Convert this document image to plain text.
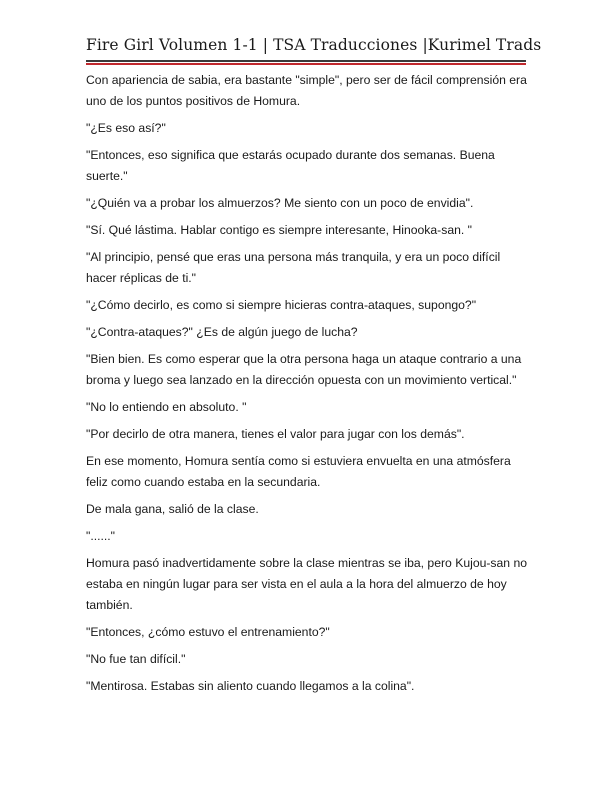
Fire Girl Volumen 1-1 | TSA Traducciones |Kurimel Trads

Con apariencia de sabia, era bastante "simple", pero ser de fácil comprensión era uno de los puntos positivos de Homura.

"¿Es eso así?"

"Entonces, eso significa que estarás ocupado durante dos semanas. Buena suerte."

"¿Quién va a probar los almuerzos? Me siento con un poco de envidia".

"Sí. Qué lástima. Hablar contigo es siempre interesante, Hinooka-san. "

"Al principio, pensé que eras una persona más tranquila, y era un poco difícil hacer réplicas de ti."

"¿Cómo decirlo, es como si siempre hicieras contra-ataques, supongo?"

"¿Contra-ataques?" ¿Es de algún juego de lucha?

"Bien bien. Es como esperar que la otra persona haga un ataque contrario a una broma y luego sea lanzado en la dirección opuesta con un movimiento vertical."

"No lo entiendo en absoluto. "

"Por decirlo de otra manera, tienes el valor para jugar con los demás".

En ese momento, Homura sentía como si estuviera envuelta en una atmósfera feliz como cuando estaba en la secundaria.

De mala gana, salió de la clase.

"......"

Homura pasó inadvertidamente sobre la clase mientras se iba, pero Kujou-san no estaba en ningún lugar para ser vista en el aula a la hora del almuerzo de hoy también.

"Entonces, ¿cómo estuvo el entrenamiento?"

"No fue tan difícil."

"Mentirosa. Estabas sin aliento cuando llegamos a la colina".
